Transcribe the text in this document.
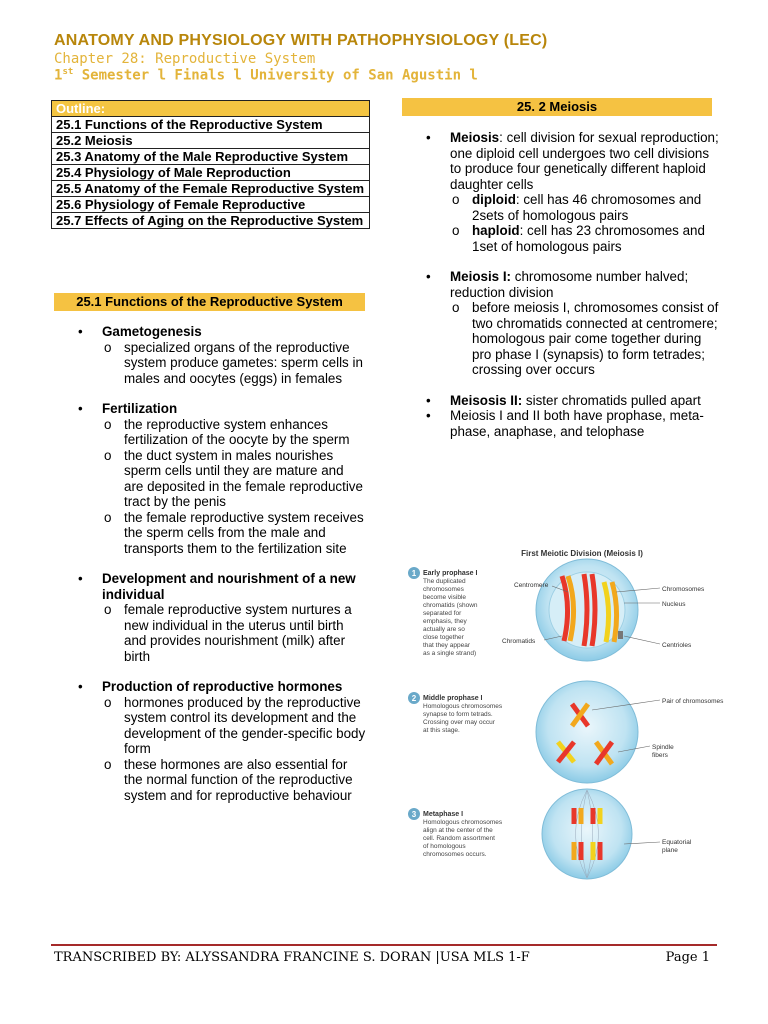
ANATOMY AND PHYSIOLOGY WITH PATHOPHYSIOLOGY (LEC)
Chapter 28: Reproductive System
1st Semester l Finals l University of San Agustin l
Outline:
25.1 Functions of the Reproductive System
25.2 Meiosis
25.3 Anatomy of the Male Reproductive System
25.4 Physiology of Male Reproduction
25.5 Anatomy of the Female Reproductive System
25.6 Physiology of Female Reproductive
25.7 Effects of Aging on the Reproductive System
25.1 Functions of the Reproductive System
• Gametogenesis
o specialized organs of the reproductive system produce gametes: sperm cells in males and oocytes (eggs) in females
• Fertilization
o the reproductive system enhances fertilization of the oocyte by the sperm
o the duct system in males nourishes sperm cells until they are mature and are deposited in the female reproductive tract by the penis
o the female reproductive system receives the sperm cells from the male and transports them to the fertilization site
• Development and nourishment of a new individual
o female reproductive system nurtures a new individual in the uterus until birth and provides nourishment (milk) after birth
• Production of reproductive hormones
o hormones produced by the reproductive system control its development and the development of the gender-specific body form
o these hormones are also essential for the normal function of the reproductive system and for reproductive behaviour
25. 2 Meiosis
• Meiosis: cell division for sexual reproduction; one diploid cell undergoes two cell divisions to produce four genetically different haploid daughter cells
o diploid: cell has 46 chromosomes and 2sets of homologous pairs
o haploid: cell has 23 chromosomes and 1set of homologous pairs
• Meiosis I: chromosome number halved; reduction division
o before meiosis I, chromosomes consist of two chromatids connected at centromere; homologous pair come together during pro phase I (synapsis) to form tetrades; crossing over occurs
• Meisosis II: sister chromatids pulled apart
• Meiosis I and II both have prophase, meta-phase, anaphase, and telophase
First Meiotic Division (Meiosis I)
1 Early prophase I
The duplicated chromosomes become visible chromatids (shown separated for emphasis, they actually are so close together that they appear as a single strand)
Centromere
Chromosomes
Nucleus
Chromatids
Centrioles
2 Middle prophase I
Homologous chromosomes synapse to form tetrads. Crossing over may occur at this stage.
Pair of chromosomes
Spindle fibers
3 Metaphase I
Homologous chromosomes align at the center of the cell. Random assortment of homologous chromosomes occurs.
Equatorial plane
TRANSCRIBED BY: ALYSSANDRA FRANCINE S. DORAN |USA MLS 1-F	Page 1
